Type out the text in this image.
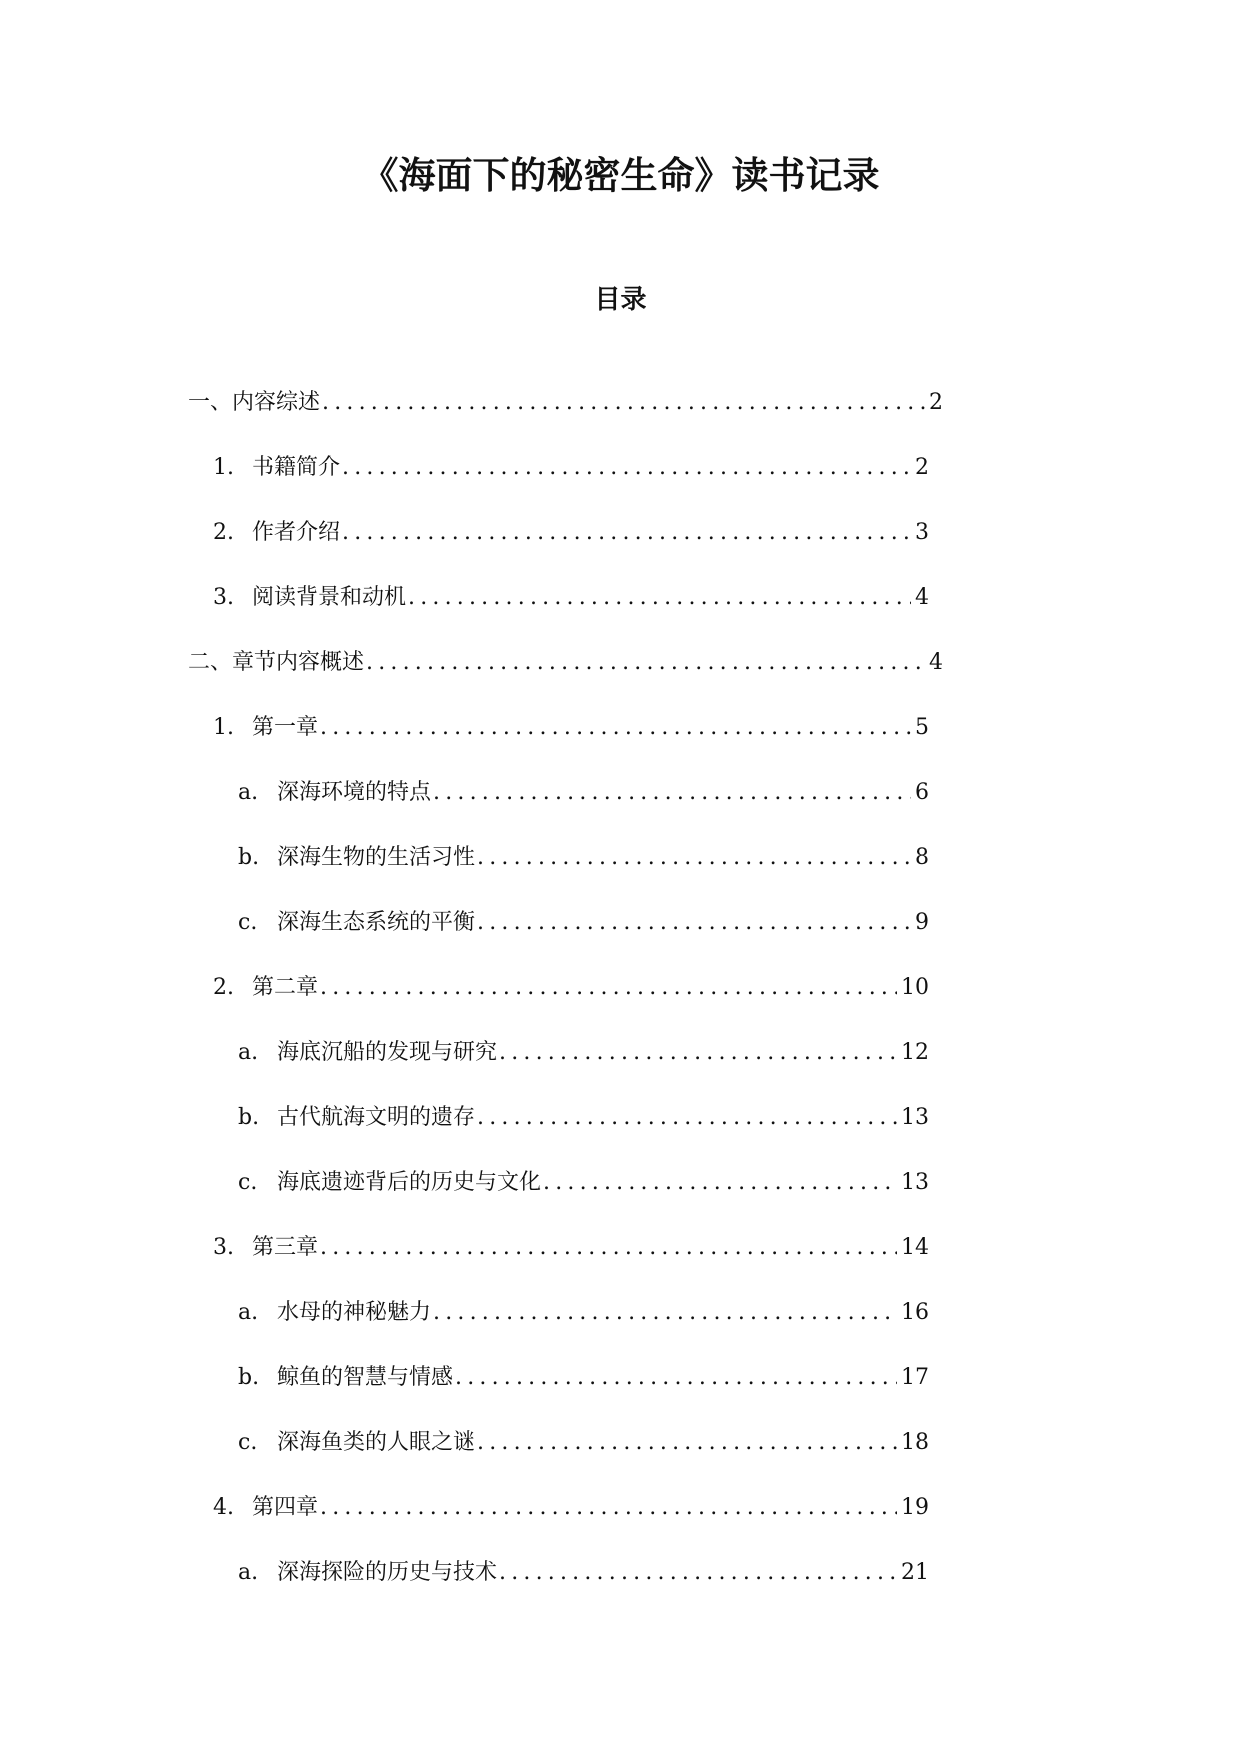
《海面下的秘密生命》读书记录
目录
一、 内容综述 .....	2
1. 书籍简介 .....	2
2. 作者介绍 .....	3
3. 阅读背景和动机 .....	4
二、 章节内容概述 .....	4
1. 第一章 .....	5
a. 深海环境的特点 .....	6
b. 深海生物的生活习性 .....	8
c. 深海生态系统的平衡 .....	9
2. 第二章 .....	10
a. 海底沉船的发现与研究 .....	12
b. 古代航海文明的遗存 .....	13
c. 海底遗迹背后的历史与文化 .....	13
3. 第三章 .....	14
a. 水母的神秘魅力 .....	16
b. 鲸鱼的智慧与情感 .....	17
c. 深海鱼类的人眼之谜 .....	18
4. 第四章 .....	19
a. 深海探险的历史与技术 .....	21
